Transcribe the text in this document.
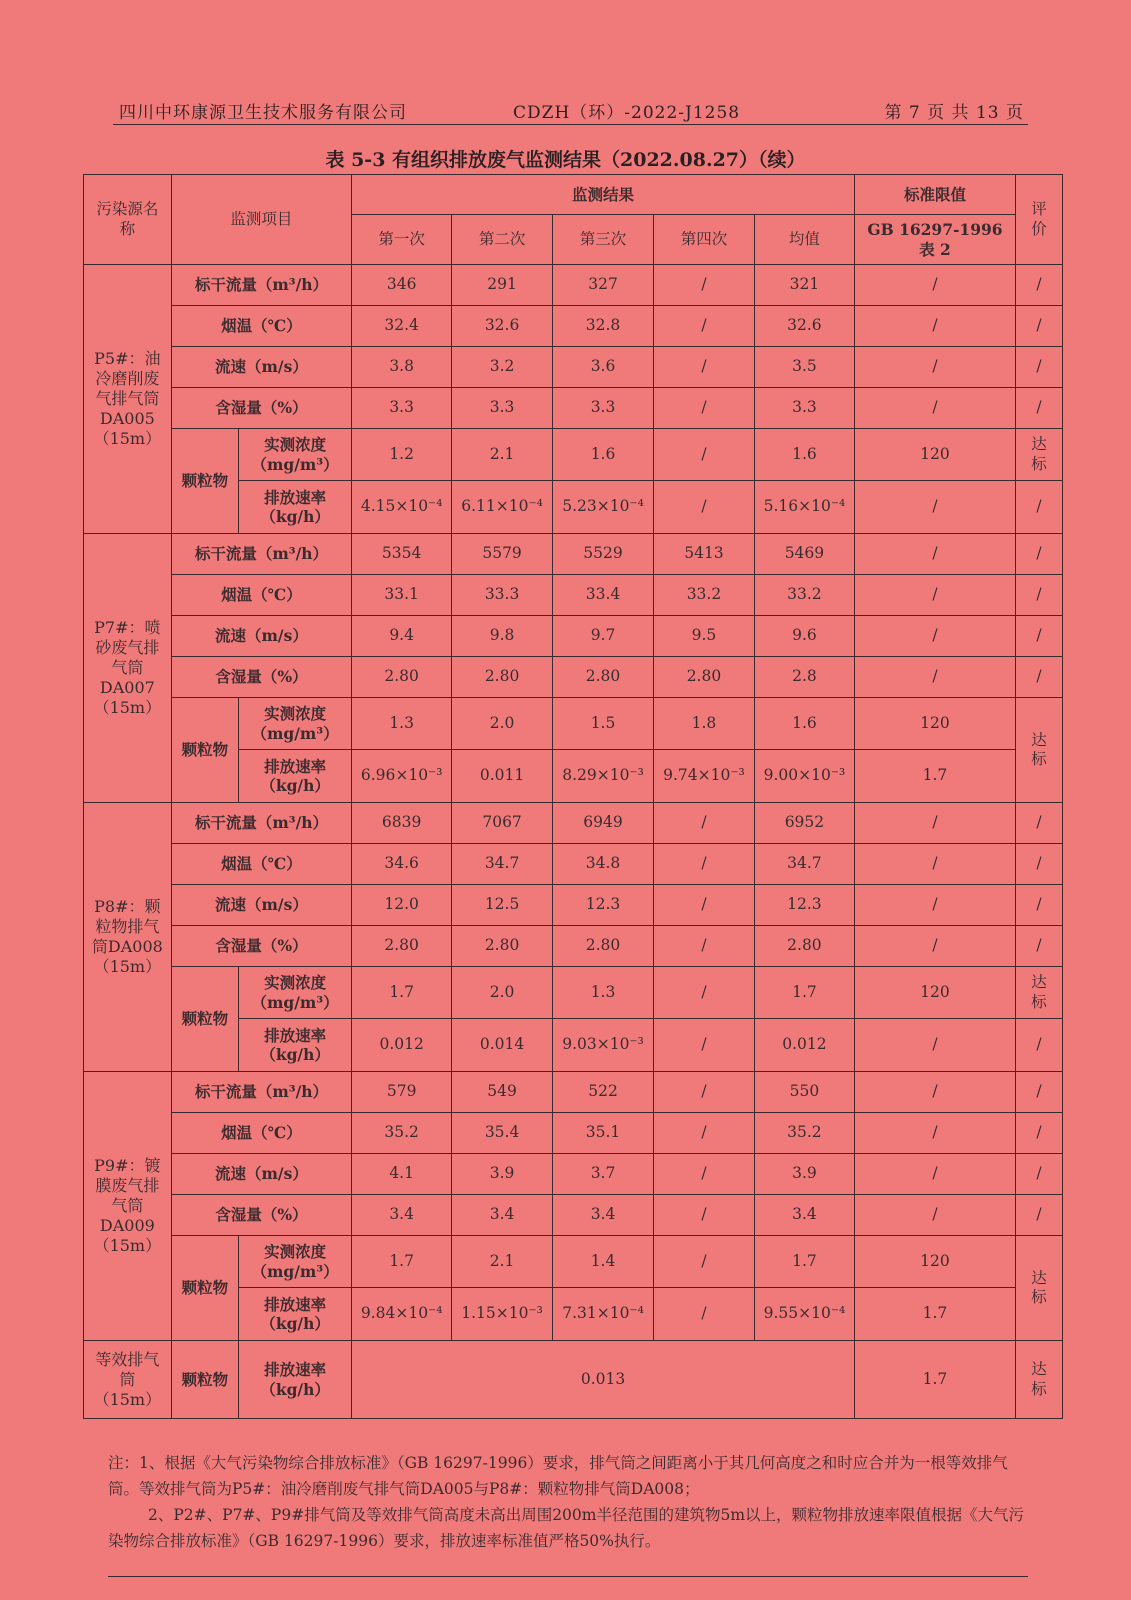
四川中环康源卫生技术服务有限公司	CDZH（环）-2022-J1258	第 7 页 共 13 页
表 5-3 有组织排放废气监测结果（2022.08.27）（续）
污染源名称	监测项目		监测结果					标准限值	评价
			第一次	第二次	第三次	第四次	均值	GB 16297-1996 表 2	
P5#：油冷磨削废气排气筒DA005（15m）	标干流量（m³/h）		346	291	327	/	321	/	/
	烟温（℃）		32.4	32.6	32.8	/	32.6	/	/
	流速（m/s）		3.8	3.2	3.6	/	3.5	/	/
	含湿量（%）		3.3	3.3	3.3	/	3.3	/	/
	颗粒物	实测浓度（mg/m³）	1.2	2.1	1.6	/	1.6	120	达标
		排放速率（kg/h）	4.15×10⁻⁴	6.11×10⁻⁴	5.23×10⁻⁴	/	5.16×10⁻⁴	/	/
P7#：喷砂废气排气筒DA007（15m）	标干流量（m³/h）		5354	5579	5529	5413	5469	/	/
	烟温（℃）		33.1	33.3	33.4	33.2	33.2	/	/
	流速（m/s）		9.4	9.8	9.7	9.5	9.6	/	/
	含湿量（%）		2.80	2.80	2.80	2.80	2.8	/	/
	颗粒物	实测浓度（mg/m³）	1.3	2.0	1.5	1.8	1.6	120	达标
		排放速率（kg/h）	6.96×10⁻³	0.011	8.29×10⁻³	9.74×10⁻³	9.00×10⁻³	1.7	
P8#：颗粒物排气筒DA008（15m）	标干流量（m³/h）		6839	7067	6949	/	6952	/	/
	烟温（℃）		34.6	34.7	34.8	/	34.7	/	/
	流速（m/s）		12.0	12.5	12.3	/	12.3	/	/
	含湿量（%）		2.80	2.80	2.80	/	2.80	/	/
	颗粒物	实测浓度（mg/m³）	1.7	2.0	1.3	/	1.7	120	达标
		排放速率（kg/h）	0.012	0.014	9.03×10⁻³	/	0.012	/	/
P9#：镀膜废气排气筒DA009（15m）	标干流量（m³/h）		579	549	522	/	550	/	/
	烟温（℃）		35.2	35.4	35.1	/	35.2	/	/
	流速（m/s）		4.1	3.9	3.7	/	3.9	/	/
	含湿量（%）		3.4	3.4	3.4	/	3.4	/	/
	颗粒物	实测浓度（mg/m³）	1.7	2.1	1.4	/	1.7	120	达标
		排放速率（kg/h）	9.84×10⁻⁴	1.15×10⁻³	7.31×10⁻⁴	/	9.55×10⁻⁴	1.7	
等效排气筒（15m）	颗粒物	排放速率（kg/h）	0.013					1.7	达标

注：1、根据《大气污染物综合排放标准》（GB 16297-1996）要求，排气筒之间距离小于其几何高度之和时应合并为一根等效排气筒。等效排气筒为P5#：油冷磨削废气排气筒DA005与P8#：颗粒物排气筒DA008；

2、P2#、P7#、P9#排气筒及等效排气筒高度未高出周围200m半径范围的建筑物5m以上，颗粒物排放速率限值根据《大气污染物综合排放标准》（GB 16297-1996）要求，排放速率标准值严格50%执行。
